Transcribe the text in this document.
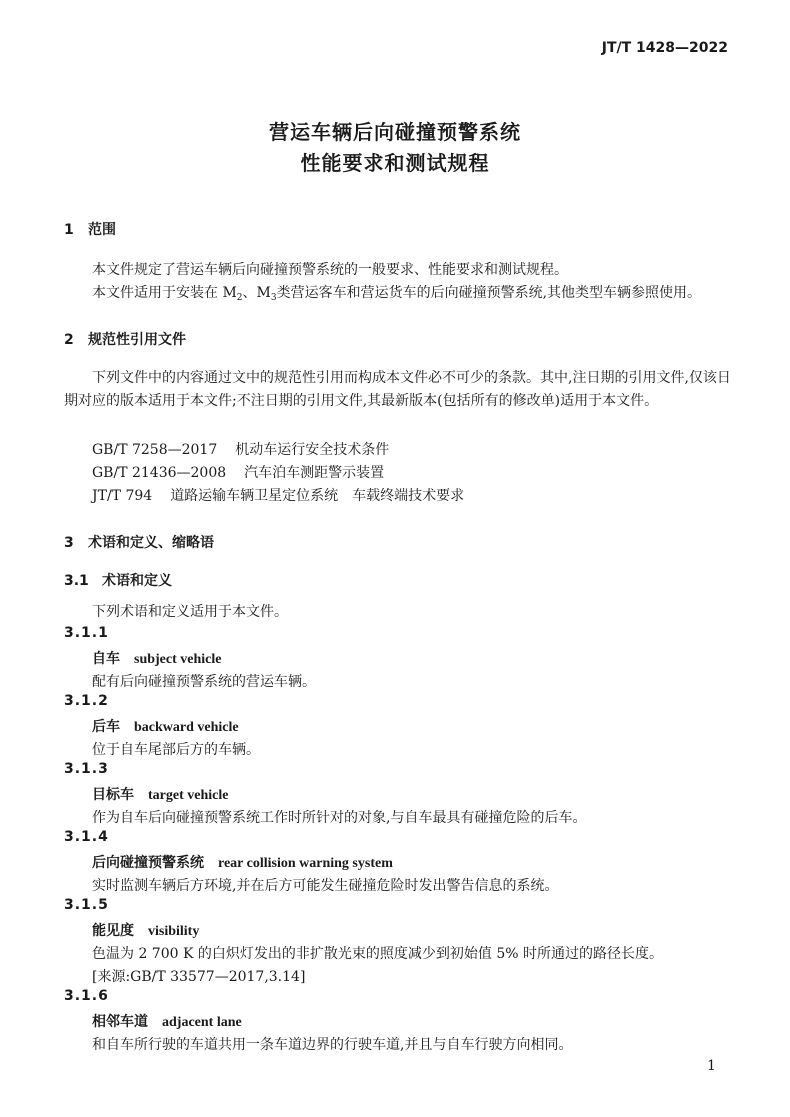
JT/T 1428—2022
营运车辆后向碰撞预警系统
性能要求和测试规程
1 范围
本文件规定了营运车辆后向碰撞预警系统的一般要求、性能要求和测试规程。
本文件适用于安装在 $M_2$、$M_3$类营运客车和营运货车的后向碰撞预警系统,其他类型车辆参照使用。
2 规范性引用文件
下列文件中的内容通过文中的规范性引用而构成本文件必不可少的条款。其中,注日期的引用文件,仅该日期对应的版本适用于本文件;不注日期的引用文件,其最新版本(包括所有的修改单)适用于本文件。
GB/T 7258—2017 机动车运行安全技术条件
GB/T 21436—2008 汽车泊车测距警示装置
JT/T 794 道路运输车辆卫星定位系统　车载终端技术要求
3 术语和定义、缩略语
3.1 术语和定义
下列术语和定义适用于本文件。
3.1.1
自车 subject vehicle
配有后向碰撞预警系统的营运车辆。
3.1.2
后车 backward vehicle
位于自车尾部后方的车辆。
3.1.3
目标车 target vehicle
作为自车后向碰撞预警系统工作时所针对的对象,与自车最具有碰撞危险的后车。
3.1.4
后向碰撞预警系统 rear collision warning system
实时监测车辆后方环境,并在后方可能发生碰撞危险时发出警告信息的系统。
3.1.5
能见度 visibility
色温为 2 700 K 的白炽灯发出的非扩散光束的照度减少到初始值 5% 时所通过的路径长度。
[来源:GB/T 33577—2017,3.14]
3.1.6
相邻车道 adjacent lane
和自车所行驶的车道共用一条车道边界的行驶车道,并且与自车行驶方向相同。
1
